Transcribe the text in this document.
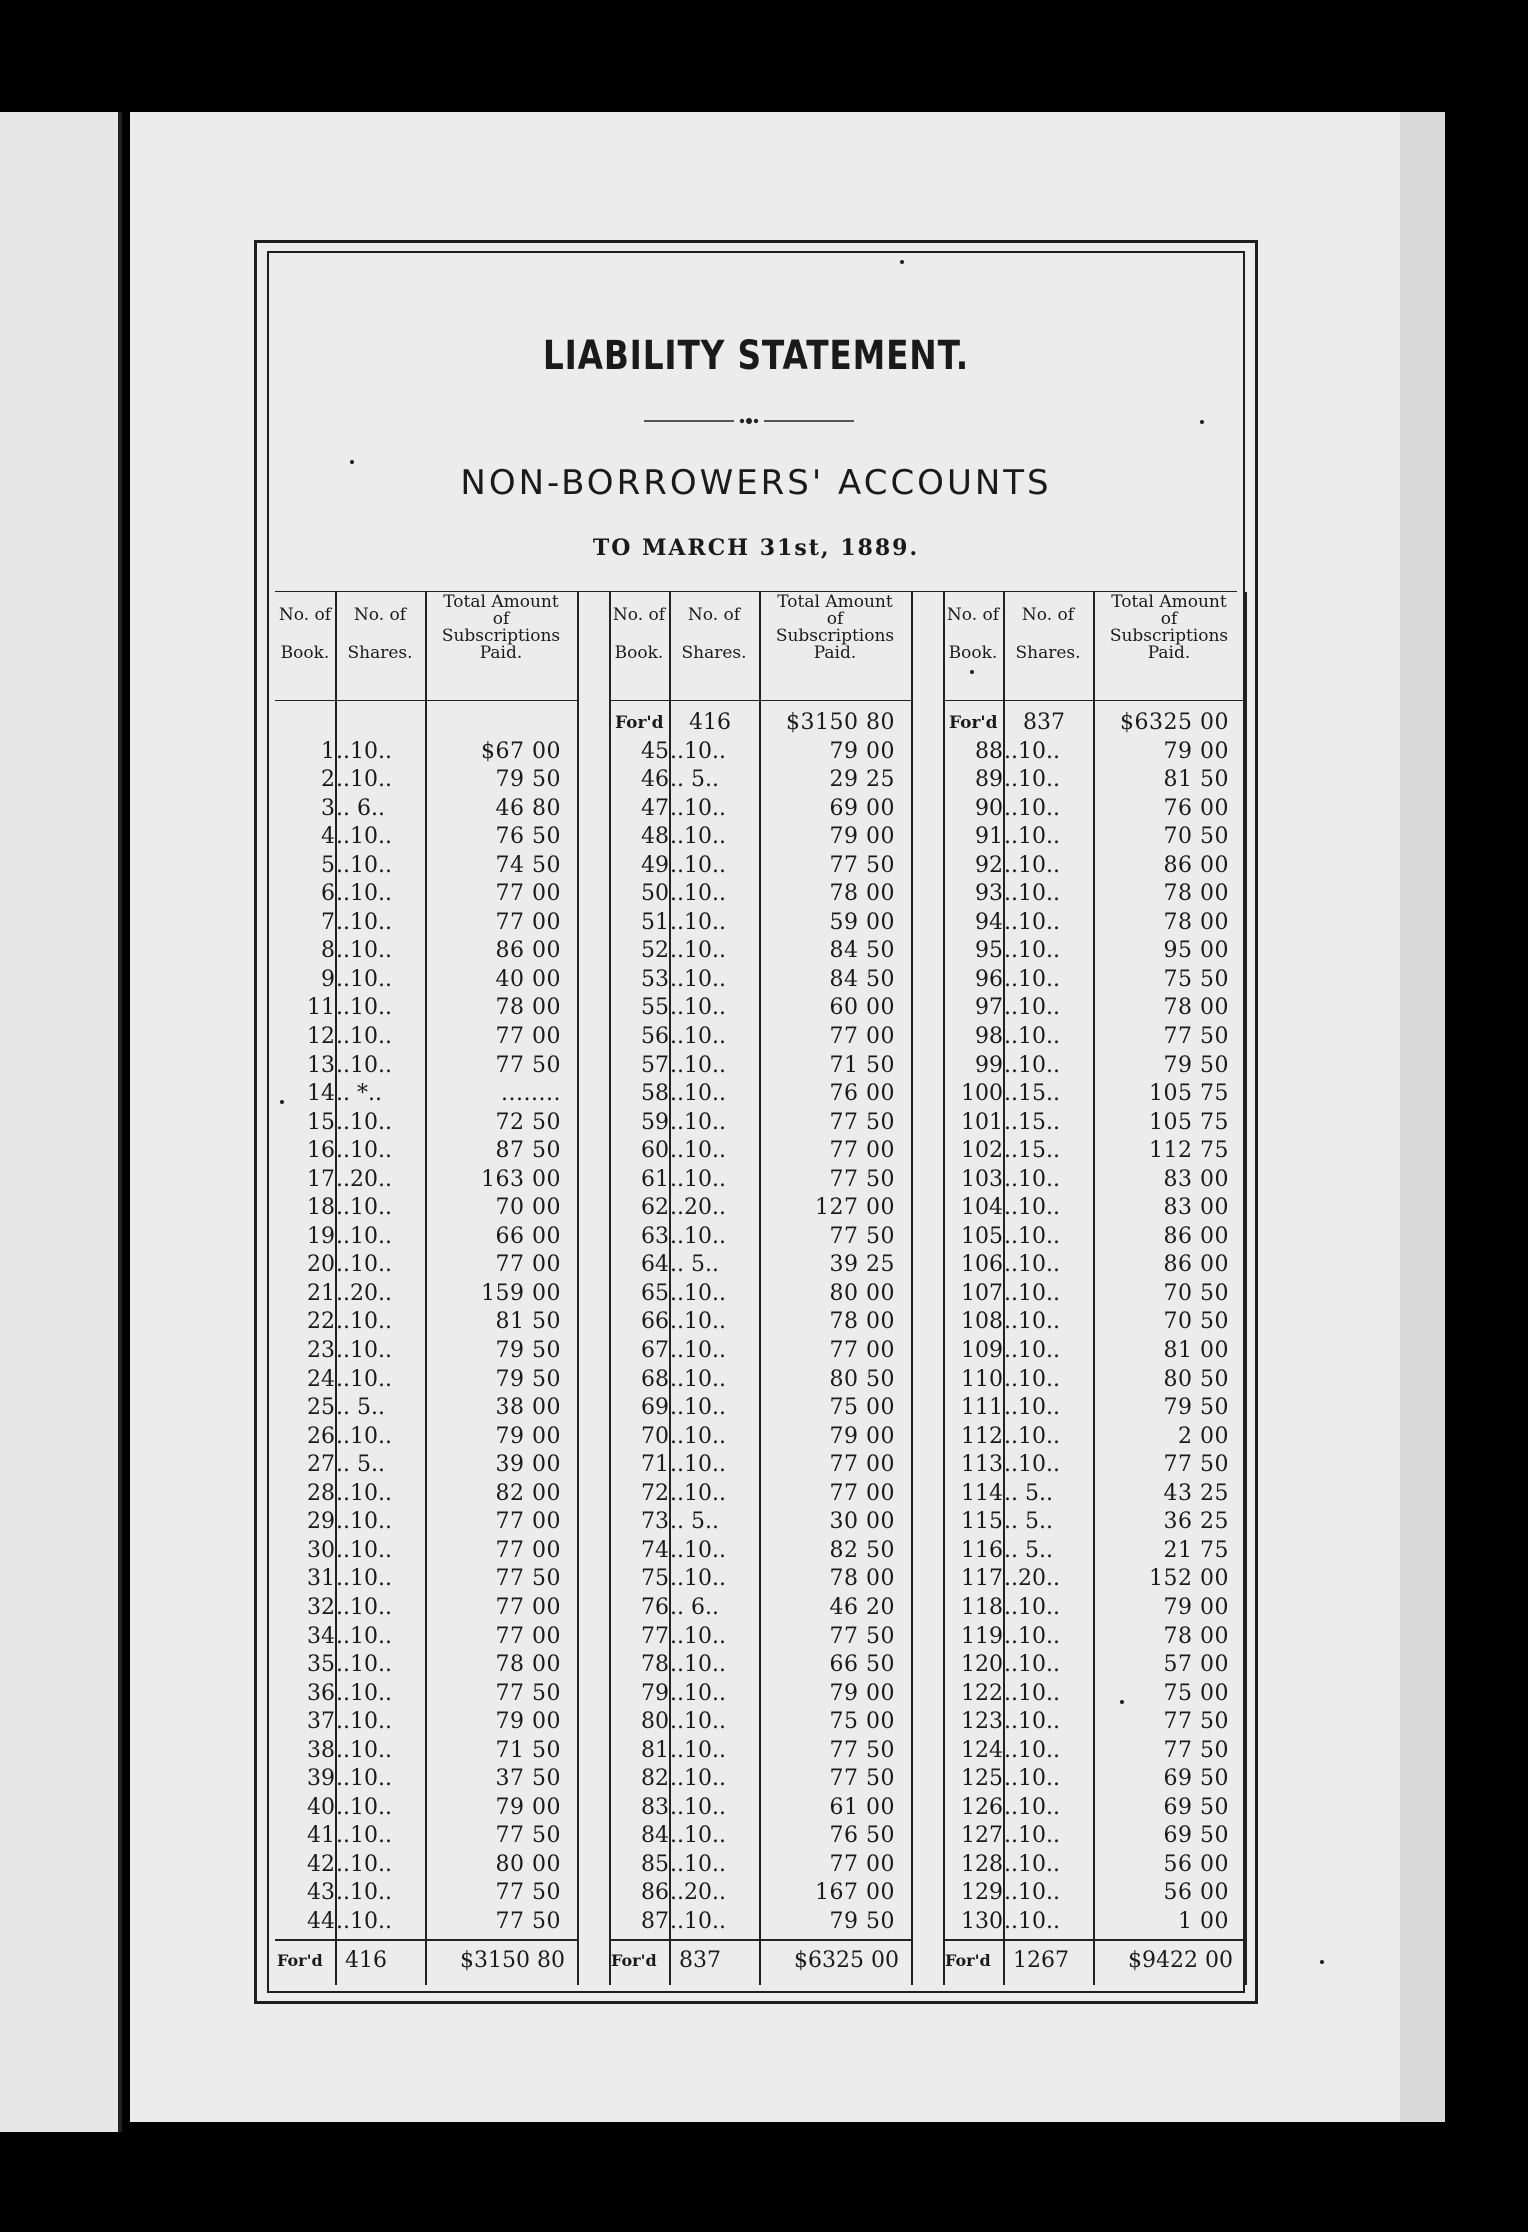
LIABILITY STATEMENT.
NON-BORROWERS' ACCOUNTS
TO MARCH 31st, 1889.
No. of
Book.
No. of
Shares.
Total Amount
of
Subscriptions
Paid.
1 ..10..	$67 00
2 ..10..	79 50
3 .. 6..	46 80
4 ..10..	76 50
5 ..10..	74 50
6 ..10..	77 00
7 ..10..	77 00
8 ..10..	86 00
9 ..10..	40 00
11 ..10..	78 00
12 ..10..	77 00
13 ..10..	77 50
14 .. *..	........
15 ..10..	72 50
16 ..10..	87 50
17 ..20..	163 00
18 ..10..	70 00
19 ..10..	66 00
20 ..10..	77 00
21 ..20..	159 00
22 ..10..	81 50
23 ..10..	79 50
24 ..10..	79 50
25 .. 5..	38 00
26 ..10..	79 00
27 .. 5..	39 00
28 ..10..	82 00
29 ..10..	77 00
30 ..10..	77 00
31 ..10..	77 50
32 ..10..	77 00
34 ..10..	77 00
35 ..10..	78 00
36 ..10..	77 50
37 ..10..	79 00
38 ..10..	71 50
39 ..10..	37 50
40 ..10..	79 00
41 ..10..	77 50
42 ..10..	80 00
43 ..10..	77 50
44 ..10..	77 50
For'd 416	$3150 80
No. of
Book.
No. of
Shares.
Total Amount
of
Subscriptions
Paid.
For'd	416	$3150 80
45 ..10..	79 00
46 .. 5..	29 25
47 ..10..	69 00
48 ..10..	79 00
49 ..10..	77 50
50 ..10..	78 00
51 ..10..	59 00
52 ..10..	84 50
53 ..10..	84 50
55 ..10..	60 00
56 ..10..	77 00
57 ..10..	71 50
58 ..10..	76 00
59 ..10..	77 50
60 ..10..	77 00
61 ..10..	77 50
62 ..20..	127 00
63 ..10..	77 50
64 .. 5..	39 25
65 ..10..	80 00
66 ..10..	78 00
67 ..10..	77 00
68 ..10..	80 50
69 ..10..	75 00
70 ..10..	79 00
71 ..10..	77 00
72 ..10..	77 00
73 .. 5..	30 00
74 ..10..	82 50
75 ..10..	78 00
76 .. 6..	46 20
77 ..10..	77 50
78 ..10..	66 50
79 ..10..	79 00
80 ..10..	75 00
81 ..10..	77 50
82 ..10..	77 50
83 ..10..	61 00
84 ..10..	76 50
85 ..10..	77 00
86 ..20..	167 00
87 ..10..	79 50
For'd 837	$6325 00
No. of
Book.
No. of
Shares.
Total Amount
of
Subscriptions
Paid.
For'd	837	$6325 00
88 ..10..	79 00
89 ..10..	81 50
90 ..10..	76 00
91 ..10..	70 50
92 ..10..	86 00
93 ..10..	78 00
94 ..10..	78 00
95 ..10..	95 00
96 ..10..	75 50
97 ..10..	78 00
98 ..10..	77 50
99 ..10..	79 50
100 ..15..	105 75
101 ..15..	105 75
102 ..15..	112 75
103 ..10..	83 00
104 ..10..	83 00
105 ..10..	86 00
106 ..10..	86 00
107 ..10..	70 50
108 ..10..	70 50
109 ..10..	81 00
110 ..10..	80 50
111 ..10..	79 50
112 ..10..	2 00
113 ..10..	77 50
114 .. 5..	43 25
115 .. 5..	36 25
116 .. 5..	21 75
117 ..20..	152 00
118 ..10..	79 00
119 ..10..	78 00
120 ..10..	57 00
122 ..10..	75 00
123 ..10..	77 50
124 ..10..	77 50
125 ..10..	69 50
126 ..10..	69 50
127 ..10..	69 50
128 ..10..	56 00
129 ..10..	56 00
130 ..10..	1 00
For'd 1267	$9422 00
